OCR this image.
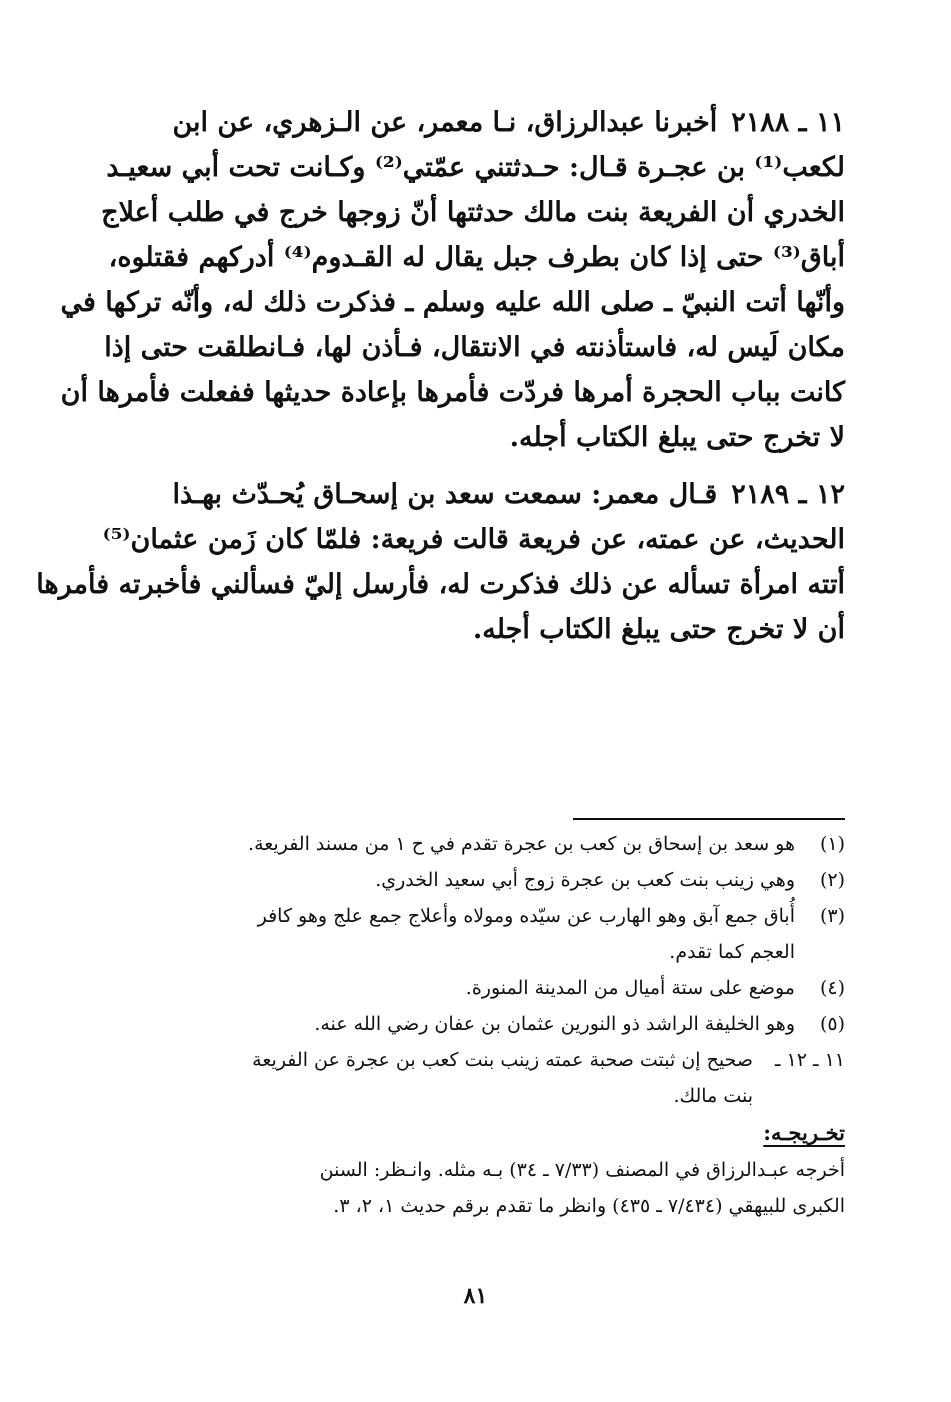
١١ ـ ٢١٨٨أخبرنا عبدالرزاق، نـا معمر، عن الـزهري، عن ابن
لكعب⁽¹⁾ بن عجـرة قـال: حـدثتني عمّتي⁽²⁾ وكـانت تحت أبي سعيـد
الخدري أن الفريعة بنت مالك حدثتها أنّ زوجها خرج في طلب أعلاج
أباق⁽³⁾ حتى إذا كان بطرف جبل يقال له القـدوم⁽⁴⁾ أدركهم فقتلوه،
وأنّها أتت النبيّ ـ صلى الله عليه وسلم ـ فذكرت ذلك له، وأنّه تركها في
مكان لَيس له، فاستأذنته في الانتقال، فـأذن لها، فـانطلقت حتى إذا
كانت بباب الحجرة أمرها فردّت فأمرها بإعادة حديثها ففعلت فأمرها أن
لا تخرج حتى يبلغ الكتاب أجله.
١٢ ـ ٢١٨٩قـال معمر: سمعت سعد بن إسحـاق يُحـدّث بهـذا
الحديث، عن عمته، عن فريعة قالت فريعة: فلمّا كان زَمن عثمان⁽⁵⁾
أتته امرأة تسأله عن ذلك فذكرت له، فأرسل إليّ فسألني فأخبرته فأمرها
أن لا تخرج حتى يبلغ الكتاب أجله.
(١)
هو سعد بن إسحاق بن كعب بن عجرة تقدم في ح ١ من مسند الفريعة.
(٢)
وهي زينب بنت كعب بن عجرة زوج أبي سعيد الخدري.
(٣)
أُباق جمع آبق وهو الهارب عن سيّده ومولاه وأعلاج جمع علج وهو كافر
العجم كما تقدم.
(٤)
موضع على ستة أميال من المدينة المنورة.
(٥)
وهو الخليفة الراشد ذو النورين عثمان بن عفان رضي الله عنه.
١١ ـ ١٢ ـ
صحيح إن ثبتت صحبة عمته زينب بنت كعب بن عجرة عن الفريعة
بنت مالك.
تخـريجـه:
أخرجه عبـدالرزاق في المصنف (٧/٣٣ ـ ٣٤) بـه مثله. وانـظر: السنن
الكبرى للبيهقي (٧/٤٣٤ ـ ٤٣٥) وانظر ما تقدم برقم حديث ١، ٢، ٣.
٨١
